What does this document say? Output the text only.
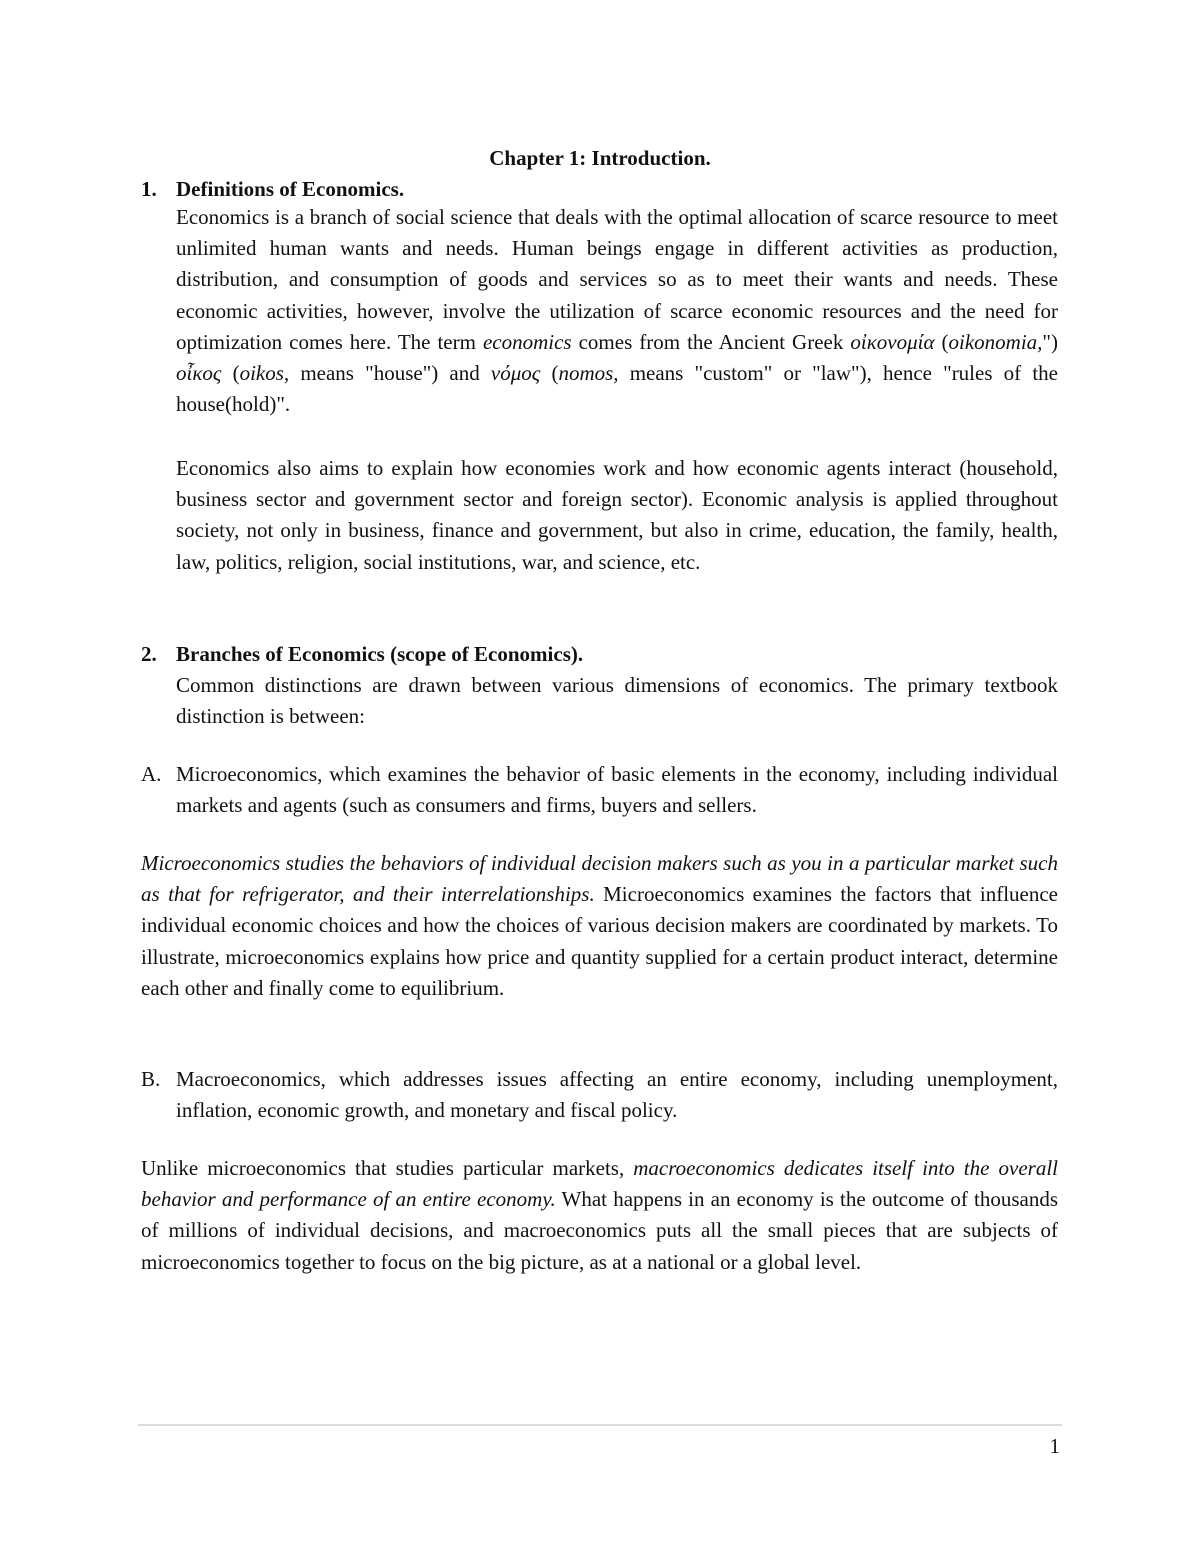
Chapter 1: Introduction.
1. Definitions of Economics.

Economics is a branch of social science that deals with the optimal allocation of scarce resource to meet unlimited human wants and needs. Human beings engage in different activities as production, distribution, and consumption of goods and services so as to meet their wants and needs. These economic activities, however, involve the utilization of scarce economic resources and the need for optimization comes here. The term economics comes from the Ancient Greek οἰκονομία (oikonomia,") οἶκος (oikos, means "house") and νόμος (nomos, means "custom" or "law"), hence "rules of the house(hold)".

Economics also aims to explain how economies work and how economic agents interact (household, business sector and government sector and foreign sector). Economic analysis is applied throughout society, not only in business, finance and government, but also in crime, education, the family, health, law, politics, religion, social institutions, war, and science, etc.

2. Branches of Economics (scope of Economics).

Common distinctions are drawn between various dimensions of economics. The primary textbook distinction is between:

A. Microeconomics, which examines the behavior of basic elements in the economy, including individual markets and agents (such as consumers and firms, buyers and sellers.

Microeconomics studies the behaviors of individual decision makers such as you in a particular market such as that for refrigerator, and their interrelationships. Microeconomics examines the factors that influence individual economic choices and how the choices of various decision makers are coordinated by markets. To illustrate, microeconomics explains how price and quantity supplied for a certain product interact, determine each other and finally come to equilibrium.

B. Macroeconomics, which addresses issues affecting an entire economy, including unemployment, inflation, economic growth, and monetary and fiscal policy.

Unlike microeconomics that studies particular markets, macroeconomics dedicates itself into the overall behavior and performance of an entire economy. What happens in an economy is the outcome of thousands of millions of individual decisions, and macroeconomics puts all the small pieces that are subjects of microeconomics together to focus on the big picture, as at a national or a global level.

1
